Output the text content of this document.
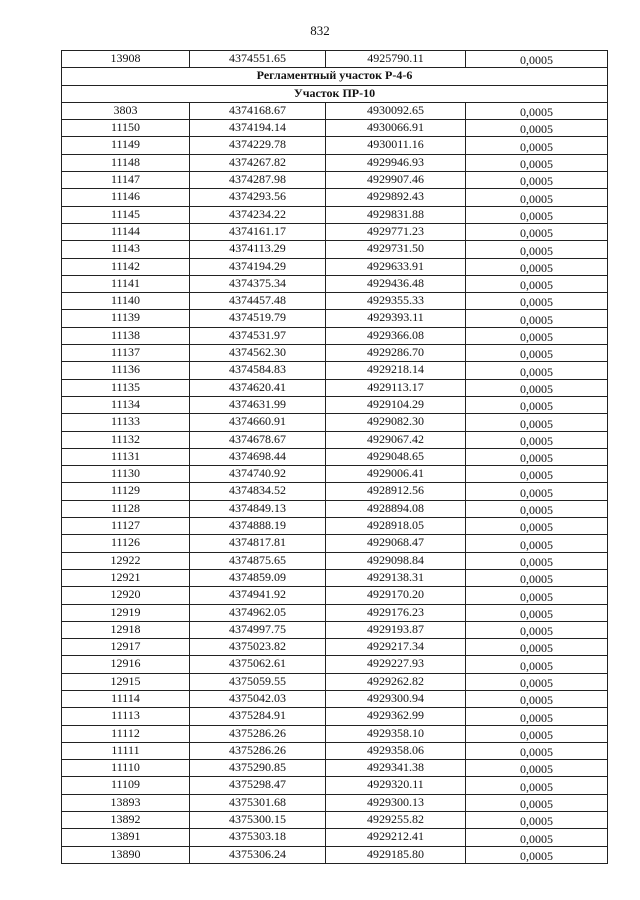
832
13908	4374551.65	4925790.11	0,0005
Регламентный участок Р-4-6			
Участок ПР-10			
3803	4374168.67	4930092.65	0,0005
11150	4374194.14	4930066.91	0,0005
11149	4374229.78	4930011.16	0,0005
11148	4374267.82	4929946.93	0,0005
11147	4374287.98	4929907.46	0,0005
11146	4374293.56	4929892.43	0,0005
11145	4374234.22	4929831.88	0,0005
11144	4374161.17	4929771.23	0,0005
11143	4374113.29	4929731.50	0,0005
11142	4374194.29	4929633.91	0,0005
11141	4374375.34	4929436.48	0,0005
11140	4374457.48	4929355.33	0,0005
11139	4374519.79	4929393.11	0,0005
11138	4374531.97	4929366.08	0,0005
11137	4374562.30	4929286.70	0,0005
11136	4374584.83	4929218.14	0,0005
11135	4374620.41	4929113.17	0,0005
11134	4374631.99	4929104.29	0,0005
11133	4374660.91	4929082.30	0,0005
11132	4374678.67	4929067.42	0,0005
11131	4374698.44	4929048.65	0,0005
11130	4374740.92	4929006.41	0,0005
11129	4374834.52	4928912.56	0,0005
11128	4374849.13	4928894.08	0,0005
11127	4374888.19	4928918.05	0,0005
11126	4374817.81	4929068.47	0,0005
12922	4374875.65	4929098.84	0,0005
12921	4374859.09	4929138.31	0,0005
12920	4374941.92	4929170.20	0,0005
12919	4374962.05	4929176.23	0,0005
12918	4374997.75	4929193.87	0,0005
12917	4375023.82	4929217.34	0,0005
12916	4375062.61	4929227.93	0,0005
12915	4375059.55	4929262.82	0,0005
11114	4375042.03	4929300.94	0,0005
11113	4375284.91	4929362.99	0,0005
11112	4375286.26	4929358.10	0,0005
11111	4375286.26	4929358.06	0,0005
11110	4375290.85	4929341.38	0,0005
11109	4375298.47	4929320.11	0,0005
13893	4375301.68	4929300.13	0,0005
13892	4375300.15	4929255.82	0,0005
13891	4375303.18	4929212.41	0,0005
13890	4375306.24	4929185.80	0,0005
